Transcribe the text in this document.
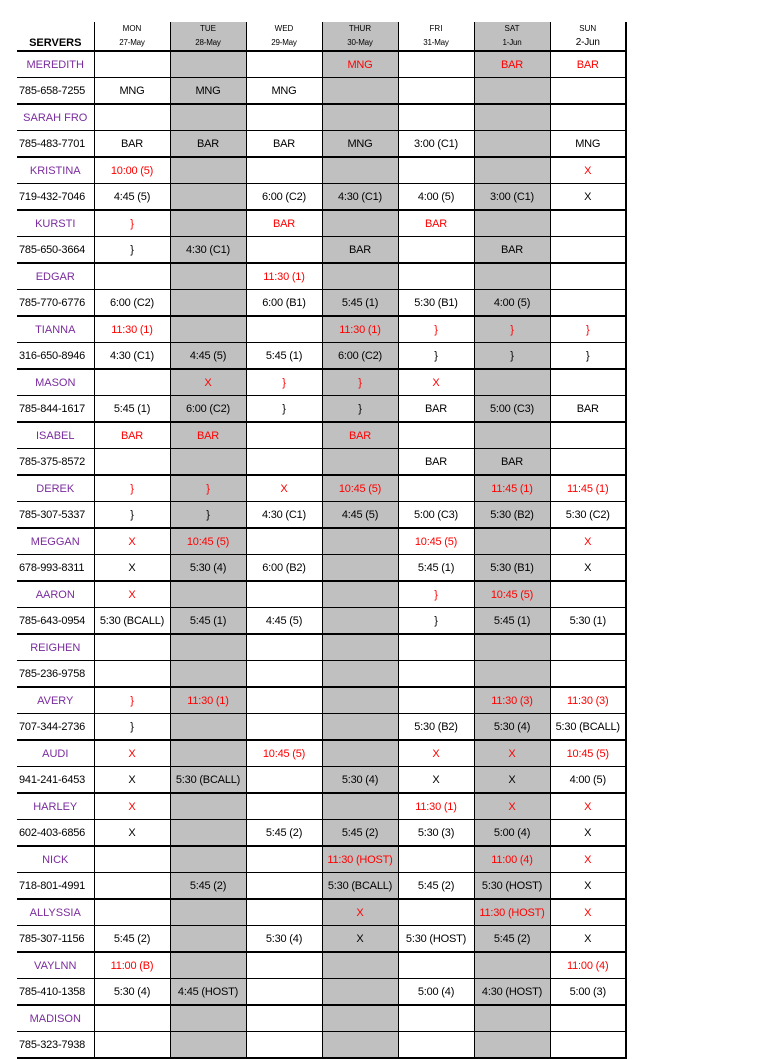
	MON	TUE	WED	THUR	FRI	SAT	SUN
SERVERS	27-May	28-May	29-May	30-May	31-May	1-Jun	2-Jun
MEREDITH				MNG		BAR	BAR
785-658-7255	MNG	MNG	MNG				
SARAH FRO							
785-483-7701	BAR	BAR	BAR	MNG	3:00 (C1)		MNG
KRISTINA	10:00 (5)						X
719-432-7046	4:45 (5)		6:00 (C2)	4:30 (C1)	4:00 (5)	3:00 (C1)	X
KURSTI	}		BAR		BAR		
785-650-3664	}	4:30 (C1)		BAR		BAR	
EDGAR			11:30 (1)				
785-770-6776	6:00 (C2)		6:00 (B1)	5:45 (1)	5:30 (B1)	4:00 (5)	
TIANNA	11:30 (1)			11:30 (1)	}	}	}
316-650-8946	4:30 (C1)	4:45 (5)	5:45 (1)	6:00 (C2)	}	}	}
MASON		X	}	}	X		
785-844-1617	5:45 (1)	6:00 (C2)	}	}	BAR	5:00 (C3)	BAR
ISABEL	BAR	BAR		BAR			
785-375-8572					BAR	BAR	
DEREK	}	}	X	10:45 (5)		11:45 (1)	11:45 (1)
785-307-5337	}	}	4:30 (C1)	4:45 (5)	5:00 (C3)	5:30 (B2)	5:30 (C2)
MEGGAN	X	10:45 (5)			10:45 (5)		X
678-993-8311	X	5:30 (4)	6:00 (B2)		5:45 (1)	5:30 (B1)	X
AARON	X				}	10:45 (5)	
785-643-0954	5:30 (BCALL)	5:45 (1)	4:45 (5)		}	5:45 (1)	5:30 (1)
REIGHEN							
785-236-9758							
AVERY	}	11:30 (1)				11:30 (3)	11:30 (3)
707-344-2736	}				5:30 (B2)	5:30 (4)	5:30 (BCALL)
AUDI	X		10:45 (5)		X	X	10:45 (5)
941-241-6453	X	5:30 (BCALL)		5:30 (4)	X	X	4:00 (5)
HARLEY	X				11:30 (1)	X	X
602-403-6856	X		5:45 (2)	5:45 (2)	5:30 (3)	5:00 (4)	X
NICK				11:30 (HOST)		11:00 (4)	X
718-801-4991		5:45 (2)		5:30 (BCALL)	5:45 (2)	5:30 (HOST)	X
ALLYSSIA				X		11:30 (HOST)	X
785-307-1156	5:45 (2)		5:30 (4)	X	5:30 (HOST)	5:45 (2)	X
VAYLNN	11:00 (B)						11:00 (4)
785-410-1358	5:30 (4)	4:45 (HOST)			5:00 (4)	4:30 (HOST)	5:00 (3)
MADISON							
785-323-7938							
